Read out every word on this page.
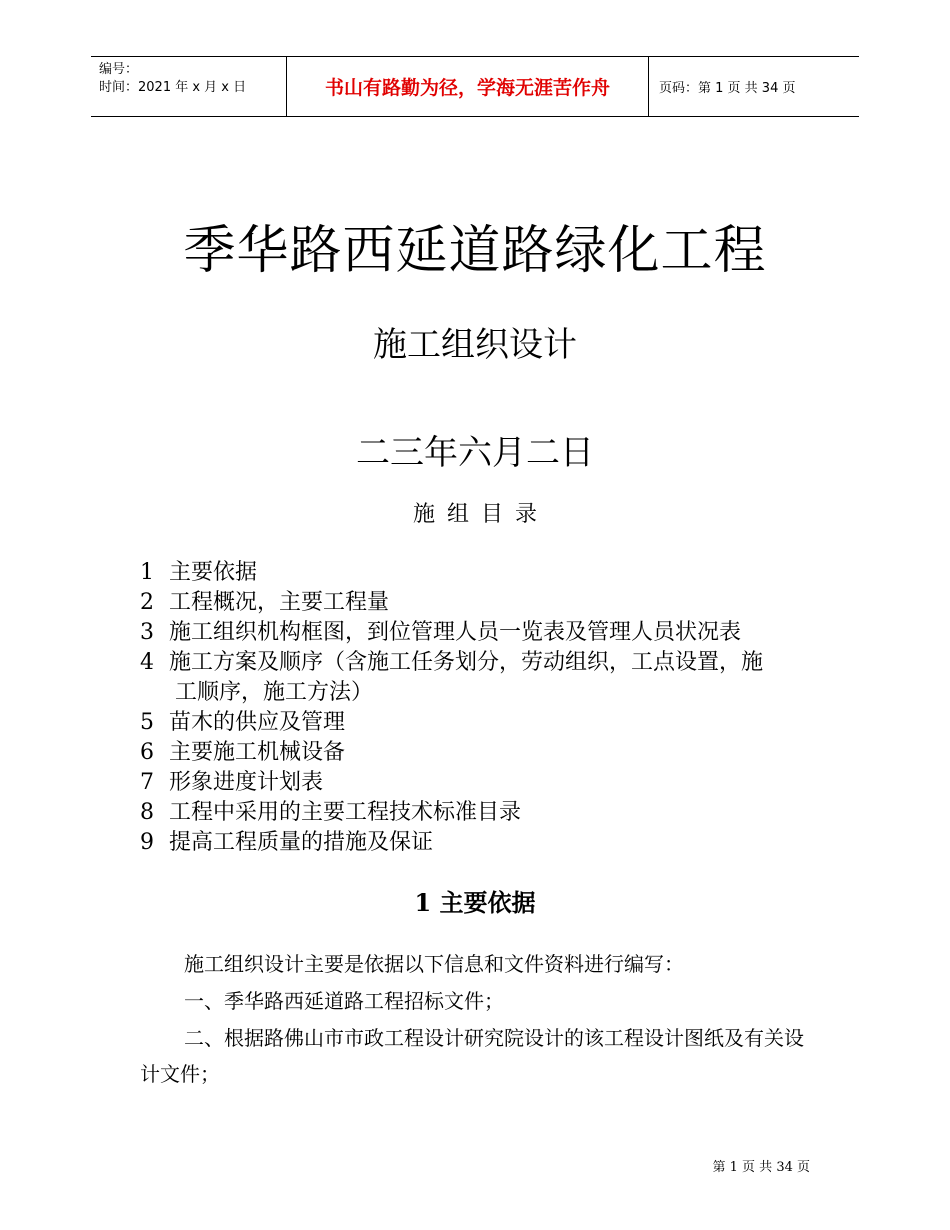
编号：
时间：2021 年 x 月 x 日	书山有路勤为径，学海无涯苦作舟	页码：第 1 页 共 34 页
季华路西延道路绿化工程
施工组织设计
二三年六月二日
施组目录
1 主要依据
2 工程概况，主要工程量
3 施工组织机构框图，到位管理人员一览表及管理人员状况表
4 施工方案及顺序（含施工任务划分，劳动组织，工点设置，施
工顺序，施工方法）
5 苗木的供应及管理
6 主要施工机械设备
7 形象进度计划表
8 工程中采用的主要工程技术标准目录
9 提高工程质量的措施及保证
1 主要依据
施工组织设计主要是依据以下信息和文件资料进行编写：
一、季华路西延道路工程招标文件；
二、根据路佛山市市政工程设计研究院设计的该工程设计图纸及有关设计文件；
第 1 页 共 34 页
